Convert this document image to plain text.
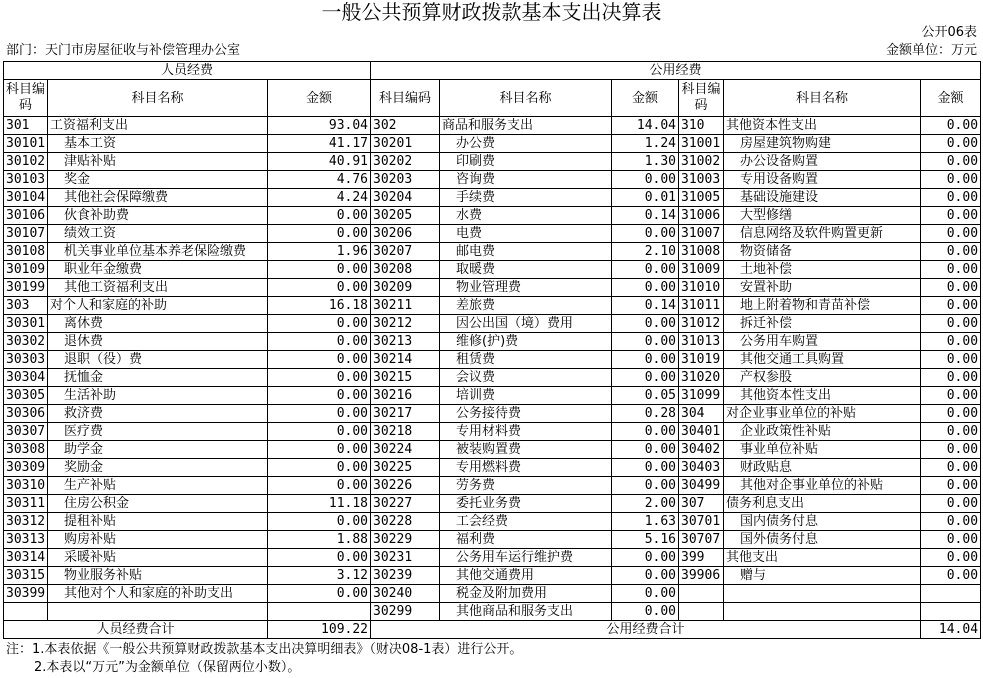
一般公共预算财政拨款基本支出决算表
公开06表
部门：天门市房屋征收与补偿管理办公室	金额单位：万元
人员经费			公用经费					
科目编码	科目名称	金额	科目编码	科目名称	金额	科目编码	科目名称	金额
301	工资福利支出	93.04	302	商品和服务支出	14.04	310	其他资本性支出	0.00
30101	基本工资	41.17	30201	办公费	1.24	31001	房屋建筑物购建	0.00
30102	津贴补贴	40.91	30202	印刷费	1.30	31002	办公设备购置	0.00
30103	奖金	4.76	30203	咨询费	0.00	31003	专用设备购置	0.00
30104	其他社会保障缴费	4.24	30204	手续费	0.01	31005	基础设施建设	0.00
30106	伙食补助费	0.00	30205	水费	0.14	31006	大型修缮	0.00
30107	绩效工资	0.00	30206	电费	0.00	31007	信息网络及软件购置更新	0.00
30108	机关事业单位基本养老保险缴费	1.96	30207	邮电费	2.10	31008	物资储备	0.00
30109	职业年金缴费	0.00	30208	取暖费	0.00	31009	土地补偿	0.00
30199	其他工资福利支出	0.00	30209	物业管理费	0.00	31010	安置补助	0.00
303	对个人和家庭的补助	16.18	30211	差旅费	0.14	31011	地上附着物和青苗补偿	0.00
30301	离休费	0.00	30212	因公出国（境）费用	0.00	31012	拆迁补偿	0.00
30302	退休费	0.00	30213	维修(护)费	0.00	31013	公务用车购置	0.00
30303	退职（役）费	0.00	30214	租赁费	0.00	31019	其他交通工具购置	0.00
30304	抚恤金	0.00	30215	会议费	0.00	31020	产权参股	0.00
30305	生活补助	0.00	30216	培训费	0.05	31099	其他资本性支出	0.00
30306	救济费	0.00	30217	公务接待费	0.28	304	对企业事业单位的补贴	0.00
30307	医疗费	0.00	30218	专用材料费	0.00	30401	企业政策性补贴	0.00
30308	助学金	0.00	30224	被装购置费	0.00	30402	事业单位补贴	0.00
30309	奖励金	0.00	30225	专用燃料费	0.00	30403	财政贴息	0.00
30310	生产补贴	0.00	30226	劳务费	0.00	30499	其他对企事业单位的补贴	0.00
30311	住房公积金	11.18	30227	委托业务费	2.00	307	债务利息支出	0.00
30312	提租补贴	0.00	30228	工会经费	1.63	30701	国内债务付息	0.00
30313	购房补贴	1.88	30229	福利费	5.16	30707	国外债务付息	0.00
30314	采暖补贴	0.00	30231	公务用车运行维护费	0.00	399	其他支出	0.00
30315	物业服务补贴	3.12	30239	其他交通费用	0.00	39906	赠与	0.00
30399	其他对个人和家庭的补助支出	0.00	30240	税金及附加费用	0.00			
			30299	其他商品和服务支出	0.00			
人员经费合计		109.22	公用经费合计					14.04
注：1.本表依据《一般公共预算财政拨款基本支出决算明细表》（财决08-1表）进行公开。
2.本表以“万元”为金额单位（保留两位小数）。
